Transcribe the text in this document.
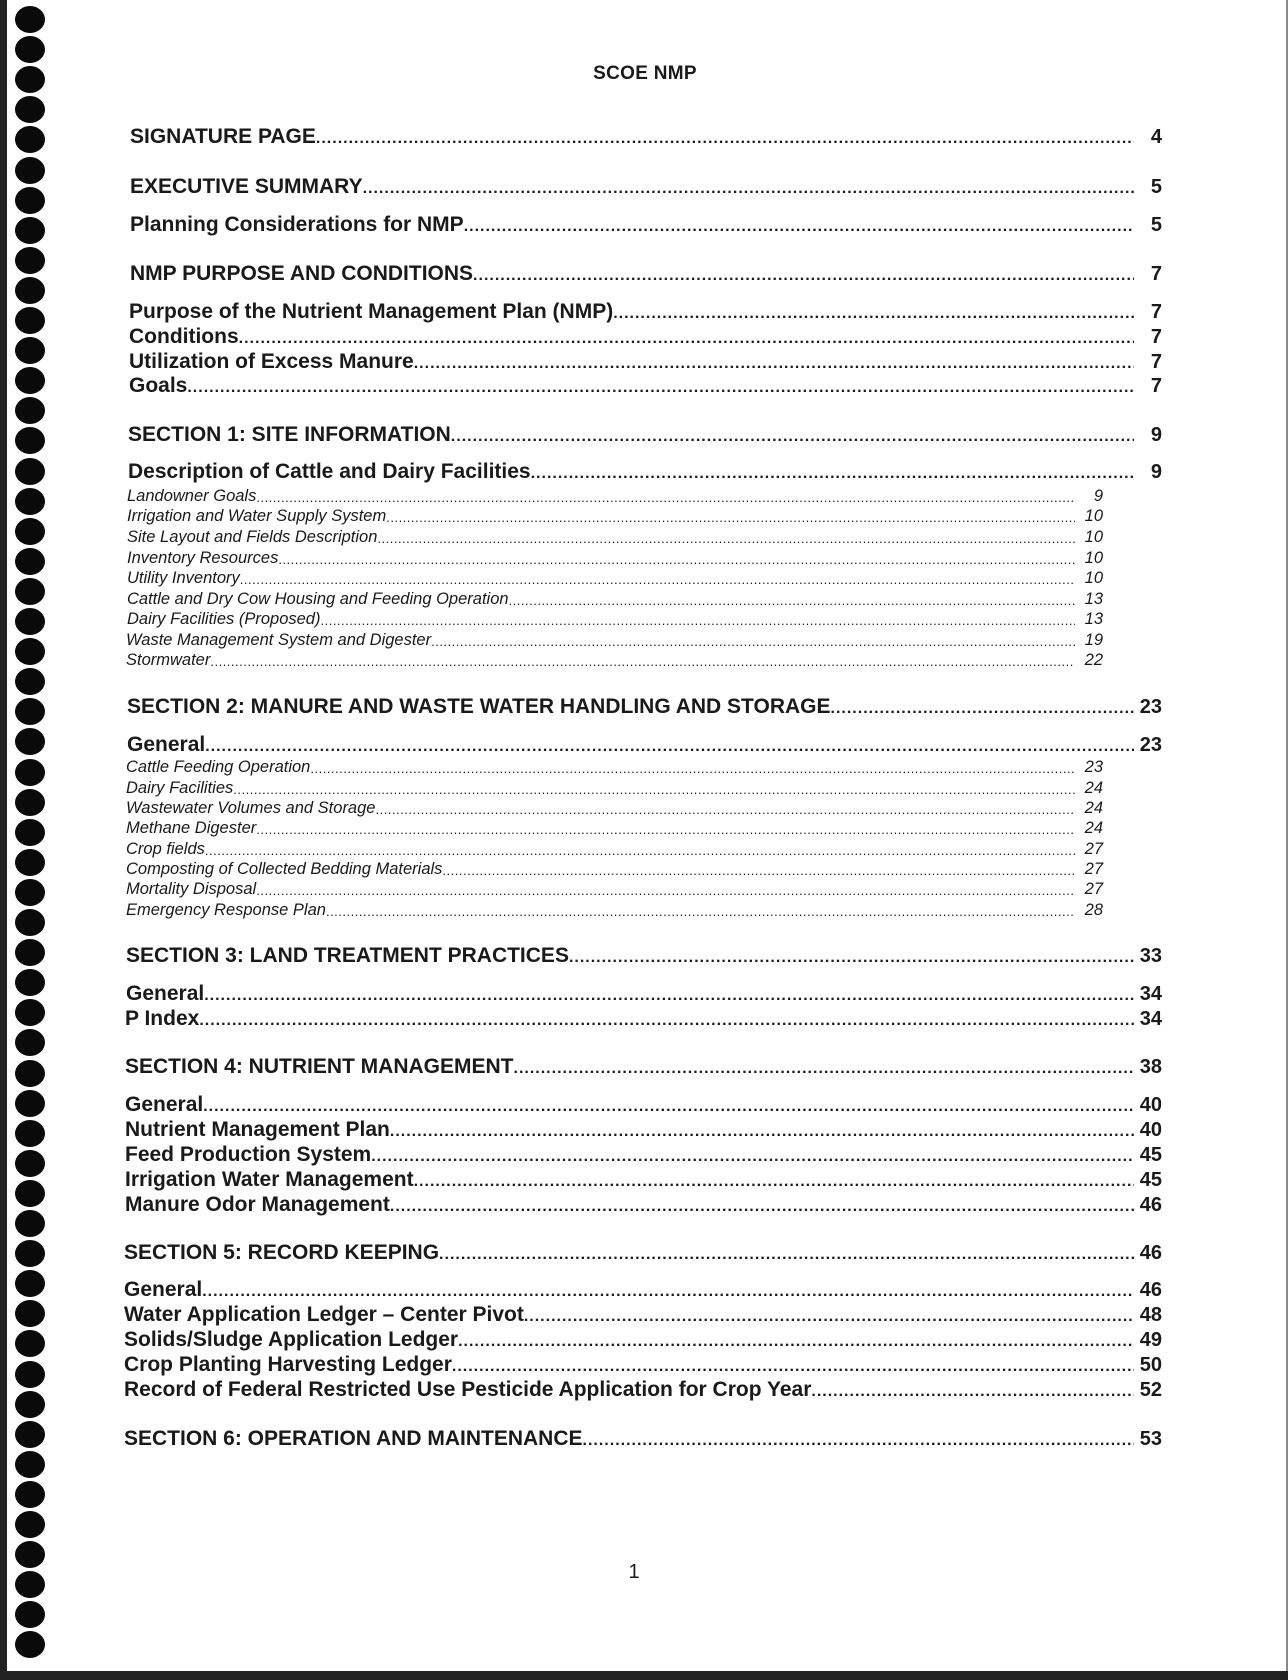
SCOE NMP
SIGNATURE PAGE .....	4
EXECUTIVE SUMMARY .....	5
Planning Considerations for NMP .....	5
NMP PURPOSE AND CONDITIONS .....	7
Purpose of the Nutrient Management Plan (NMP) .....	7
Conditions .....	7
Utilization of Excess Manure .....	7
Goals .....	7
SECTION 1: SITE INFORMATION .....	9
Description of Cattle and Dairy Facilities .....	9
Landowner Goals .....	9
Irrigation and Water Supply System .....	10
Site Layout and Fields Description .....	10
Inventory Resources .....	10
Utility Inventory .....	10
Cattle and Dry Cow Housing and Feeding Operation .....	13
Dairy Facilities (Proposed) .....	13
Waste Management System and Digester .....	19
Stormwater .....	22
SECTION 2: MANURE AND WASTE WATER HANDLING AND STORAGE .....	23
General .....	23
Cattle Feeding Operation .....	23
Dairy Facilities .....	24
Wastewater Volumes and Storage .....	24
Methane Digester .....	24
Crop fields .....	27
Composting of Collected Bedding Materials .....	27
Mortality Disposal .....	27
Emergency Response Plan .....	28
SECTION 3: LAND TREATMENT PRACTICES .....	33
General .....	34
P Index .....	34
SECTION 4: NUTRIENT MANAGEMENT .....	38
General .....	40
Nutrient Management Plan .....	40
Feed Production System .....	45
Irrigation Water Management .....	45
Manure Odor Management .....	46
SECTION 5: RECORD KEEPING .....	46
General .....	46
Water Application Ledger – Center Pivot .....	48
Solids/Sludge Application Ledger .....	49
Crop Planting Harvesting Ledger .....	50
Record of Federal Restricted Use Pesticide Application for Crop Year .....	52
SECTION 6: OPERATION AND MAINTENANCE .....	53
1
